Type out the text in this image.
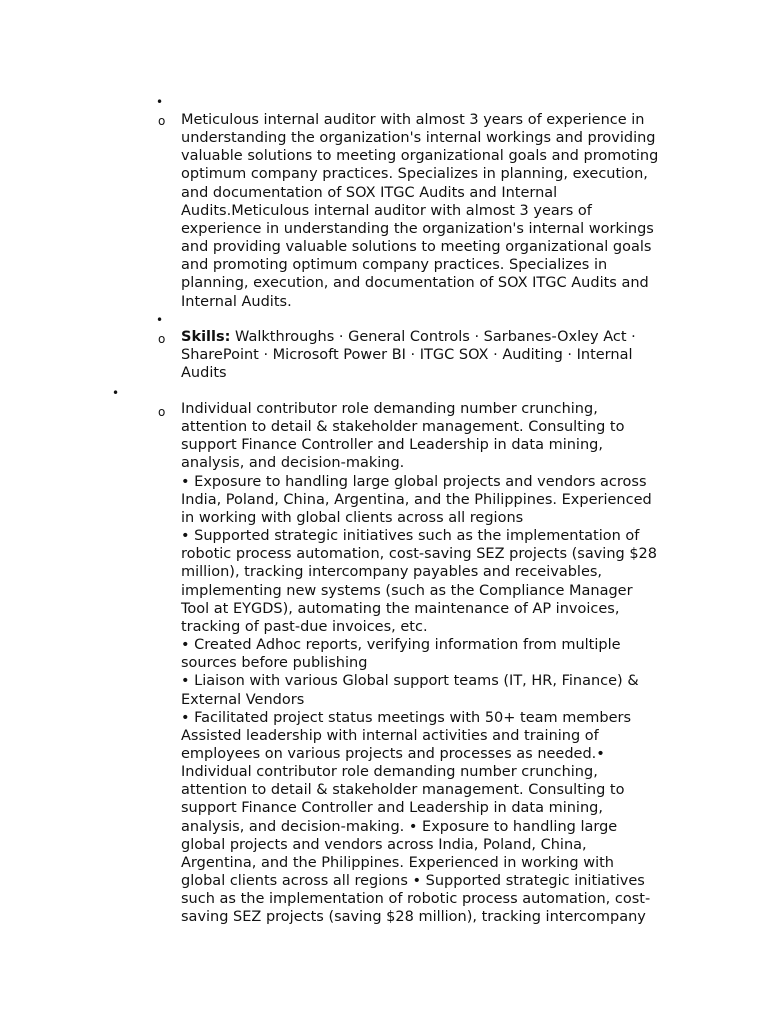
•
o Meticulous internal auditor with almost 3 years of experience in
understanding the organization's internal workings and providing
valuable solutions to meeting organizational goals and promoting
optimum company practices. Specializes in planning, execution,
and documentation of SOX ITGC Audits and Internal
Audits.Meticulous internal auditor with almost 3 years of
experience in understanding the organization's internal workings
and providing valuable solutions to meeting organizational goals
and promoting optimum company practices. Specializes in
planning, execution, and documentation of SOX ITGC Audits and
Internal Audits.
•
o Skills: Walkthroughs · General Controls · Sarbanes-Oxley Act ·
SharePoint · Microsoft Power BI · ITGC SOX · Auditing · Internal
Audits
•
o Individual contributor role demanding number crunching,
attention to detail & stakeholder management. Consulting to
support Finance Controller and Leadership in data mining,
analysis, and decision-making.
• Exposure to handling large global projects and vendors across
India, Poland, China, Argentina, and the Philippines. Experienced
in working with global clients across all regions
• Supported strategic initiatives such as the implementation of
robotic process automation, cost-saving SEZ projects (saving $28
million), tracking intercompany payables and receivables,
implementing new systems (such as the Compliance Manager
Tool at EYGDS), automating the maintenance of AP invoices,
tracking of past-due invoices, etc.
• Created Adhoc reports, verifying information from multiple
sources before publishing
• Liaison with various Global support teams (IT, HR, Finance) &
External Vendors
• Facilitated project status meetings with 50+ team members
Assisted leadership with internal activities and training of
employees on various projects and processes as needed.•
Individual contributor role demanding number crunching,
attention to detail & stakeholder management. Consulting to
support Finance Controller and Leadership in data mining,
analysis, and decision-making. • Exposure to handling large
global projects and vendors across India, Poland, China,
Argentina, and the Philippines. Experienced in working with
global clients across all regions • Supported strategic initiatives
such as the implementation of robotic process automation, cost-
saving SEZ projects (saving $28 million), tracking intercompany
